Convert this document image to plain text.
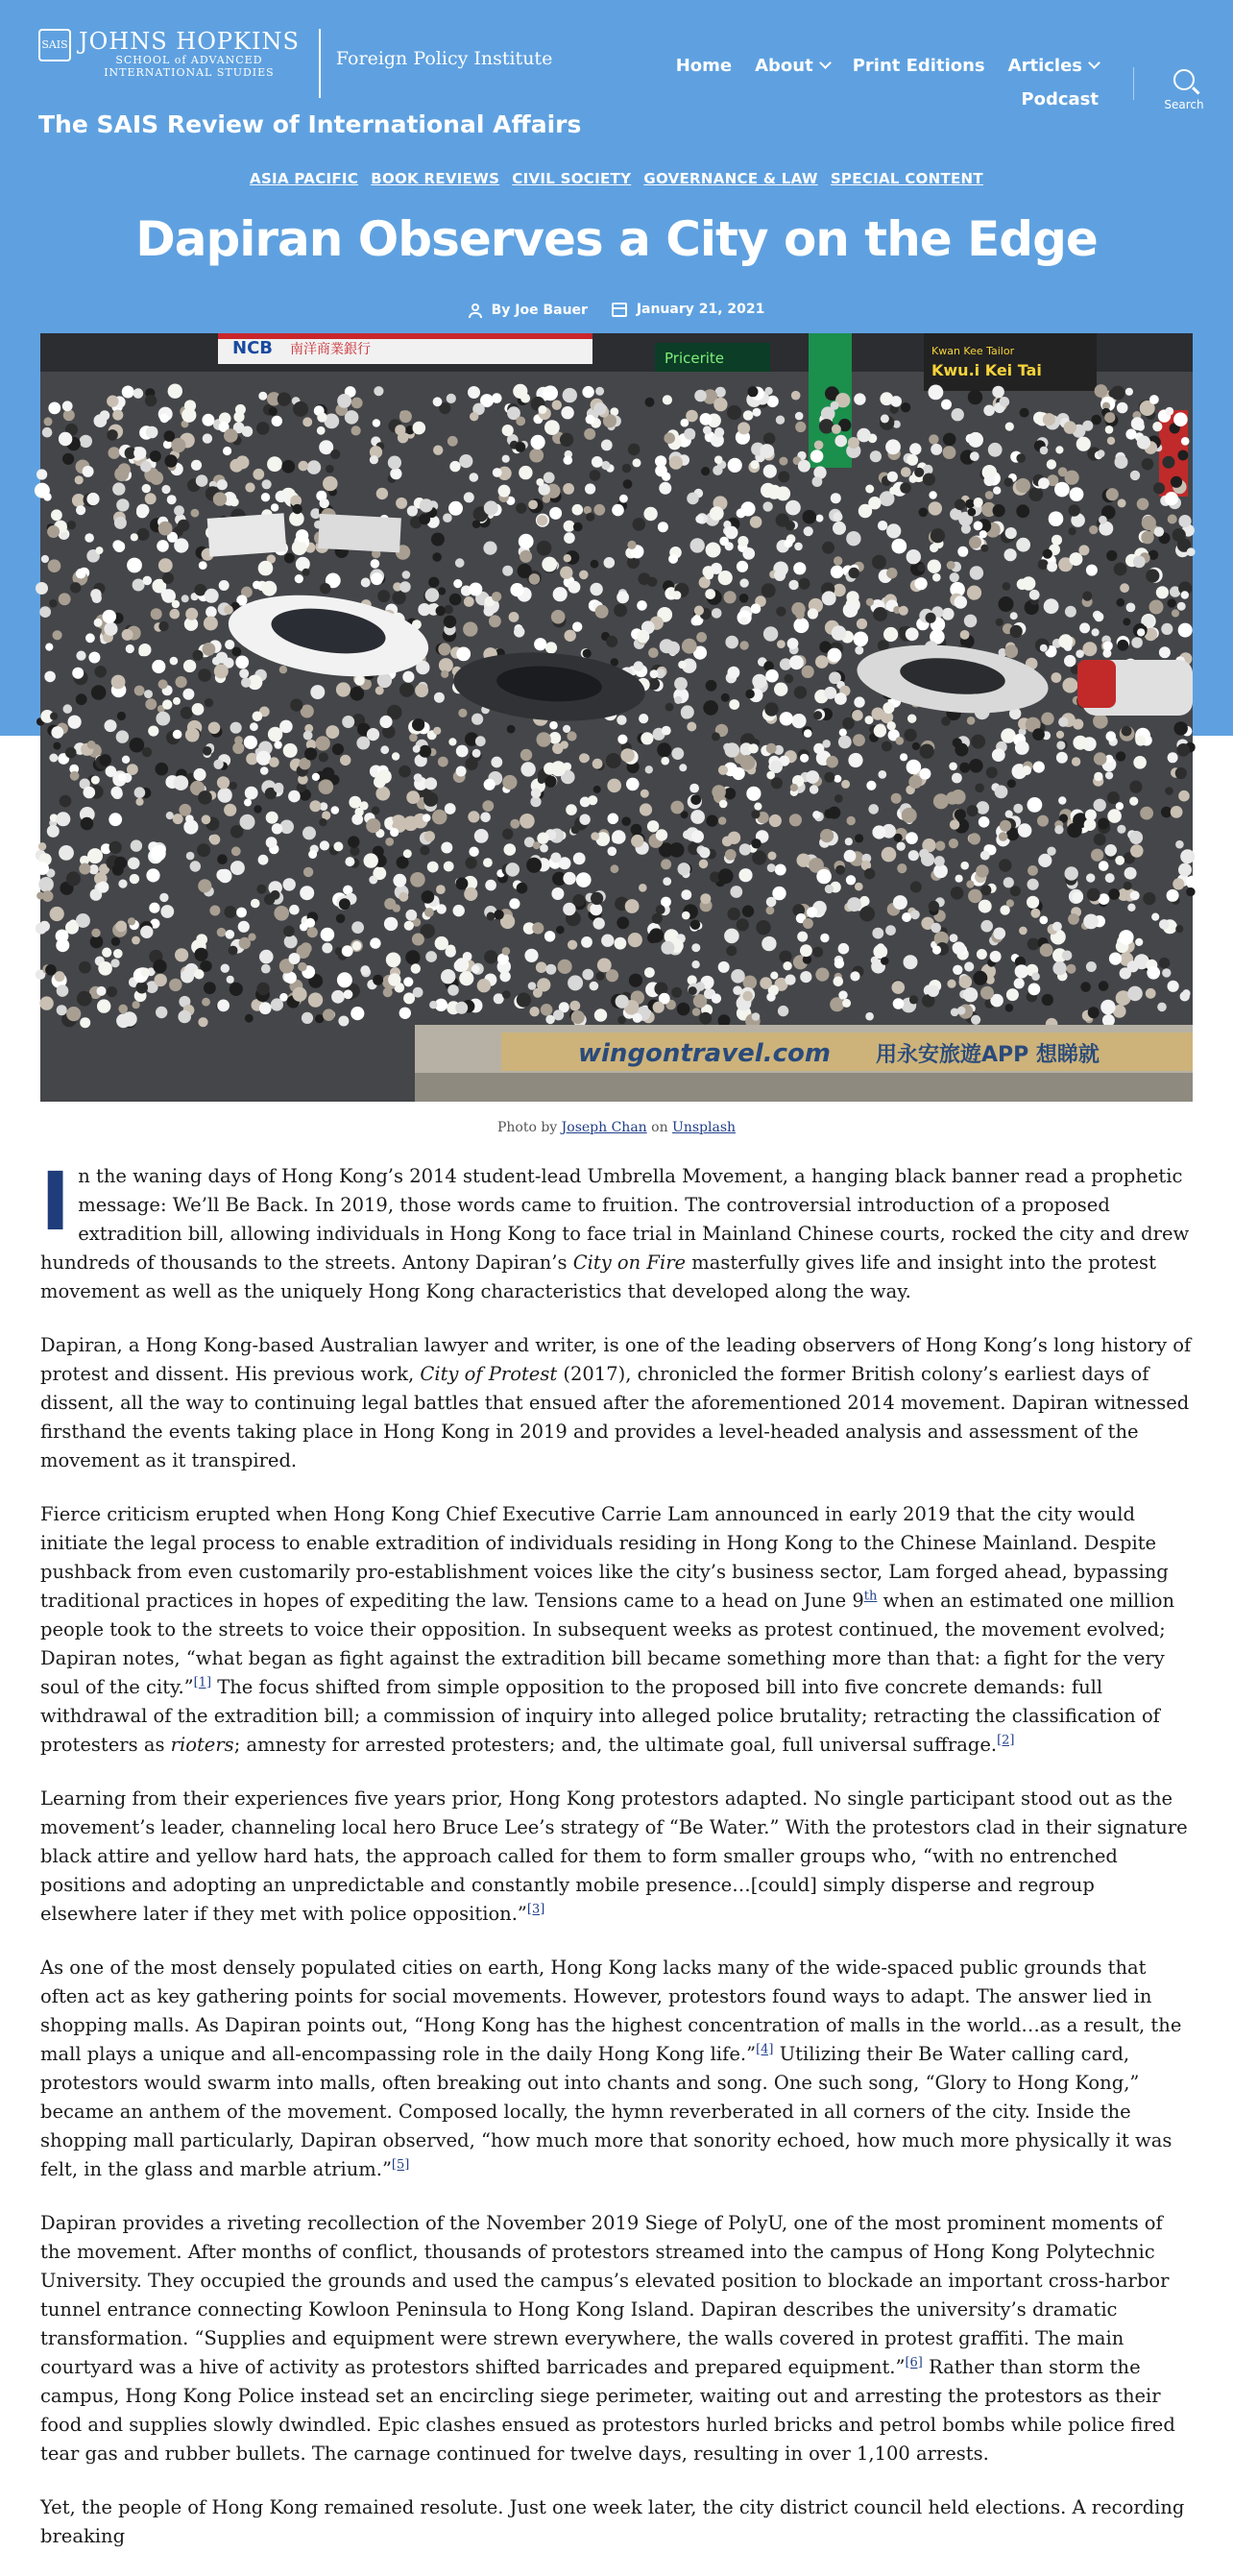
SAIS JOHNS HOPKINS
SCHOOL of ADVANCED
INTERNATIONAL STUDIES
Foreign Policy Institute
The SAIS Review of International Affairs
Home About	Print Editions Articles
Podcast	Search
ASIA PACIFIC BOOK REVIEWS CIVIL SOCIETY GOVERNANCE & LAW SPECIAL CONTENT
Dapiran Observes a City on the Edge
By Joe Bauer
	January 21, 2021
NCB 南洋商業銀行	Pricerite
Kwu.i Kei Tai
Kwan Kee Tailor
wingontravel.com 用永安旅遊APP 想睇就
Photo by Joseph Chan on Unsplash

In the waning days of Hong Kong’s 2014 student-lead Umbrella Movement, a hanging black banner read a prophetic message: We’ll Be Back. In 2019, those words came to fruition. The controversial introduction of a proposed extradition bill, allowing individuals in Hong Kong to face trial in Mainland Chinese courts, rocked the city and drew hundreds of thousands to the streets. Antony Dapiran’s City on Fire masterfully gives life and insight into the protest movement as well as the uniquely Hong Kong characteristics that developed along the way.

Dapiran, a Hong Kong-based Australian lawyer and writer, is one of the leading observers of Hong Kong’s long history of protest and dissent. His previous work, City of Protest (2017), chronicled the former British colony’s earliest days of dissent, all the way to continuing legal battles that ensued after the aforementioned 2014 movement. Dapiran witnessed firsthand the events taking place in Hong Kong in 2019 and provides a level-headed analysis and assessment of the movement as it transpired.

Fierce criticism erupted when Hong Kong Chief Executive Carrie Lam announced in early 2019 that the city would initiate the legal process to enable extradition of individuals residing in Hong Kong to the Chinese Mainland. Despite pushback from even customarily pro-establishment voices like the city’s business sector, Lam forged ahead, bypassing traditional practices in hopes of expediting the law. Tensions came to a head on June 9th when an estimated one million people took to the streets to voice their opposition. In subsequent weeks as protest continued, the movement evolved; Dapiran notes, “what began as fight against the extradition bill became something more than that: a fight for the very soul of the city.”[1] The focus shifted from simple opposition to the proposed bill into five concrete demands: full withdrawal of the extradition bill; a commission of inquiry into alleged police brutality; retracting the classification of protesters as rioters; amnesty for arrested protesters; and, the ultimate goal, full universal suffrage.[2]

Learning from their experiences five years prior, Hong Kong protestors adapted. No single participant stood out as the movement’s leader, channeling local hero Bruce Lee’s strategy of “Be Water.” With the protestors clad in their signature black attire and yellow hard hats, the approach called for them to form smaller groups who, “with no entrenched positions and adopting an unpredictable and constantly mobile presence…[could] simply disperse and regroup elsewhere later if they met with police opposition.”[3]

As one of the most densely populated cities on earth, Hong Kong lacks many of the wide-spaced public grounds that often act as key gathering points for social movements. However, protestors found ways to adapt. The answer lied in shopping malls. As Dapiran points out, “Hong Kong has the highest concentration of malls in the world…as a result, the mall plays a unique and all-encompassing role in the daily Hong Kong life.”[4] Utilizing their Be Water calling card, protestors would swarm into malls, often breaking out into chants and song. One such song, “Glory to Hong Kong,” became an anthem of the movement. Composed locally, the hymn reverberated in all corners of the city. Inside the shopping mall particularly, Dapiran observed, “how much more that sonority echoed, how much more physically it was felt, in the glass and marble atrium.”[5]

Dapiran provides a riveting recollection of the November 2019 Siege of PolyU, one of the most prominent moments of the movement. After months of conflict, thousands of protestors streamed into the campus of Hong Kong Polytechnic University. They occupied the grounds and used the campus’s elevated position to blockade an important cross-harbor tunnel entrance connecting Kowloon Peninsula to Hong Kong Island. Dapiran describes the university’s dramatic transformation. “Supplies and equipment were strewn everywhere, the walls covered in protest graffiti. The main courtyard was a hive of activity as protestors shifted barricades and prepared equipment.”[6] Rather than storm the campus, Hong Kong Police instead set an encircling siege perimeter, waiting out and arresting the protestors as their food and supplies slowly dwindled. Epic clashes ensued as protestors hurled bricks and petrol bombs while police fired tear gas and rubber bullets. The carnage continued for twelve days, resulting in over 1,100 arrests.

Yet, the people of Hong Kong remained resolute. Just one week later, the city district council held elections. A recording breaking
